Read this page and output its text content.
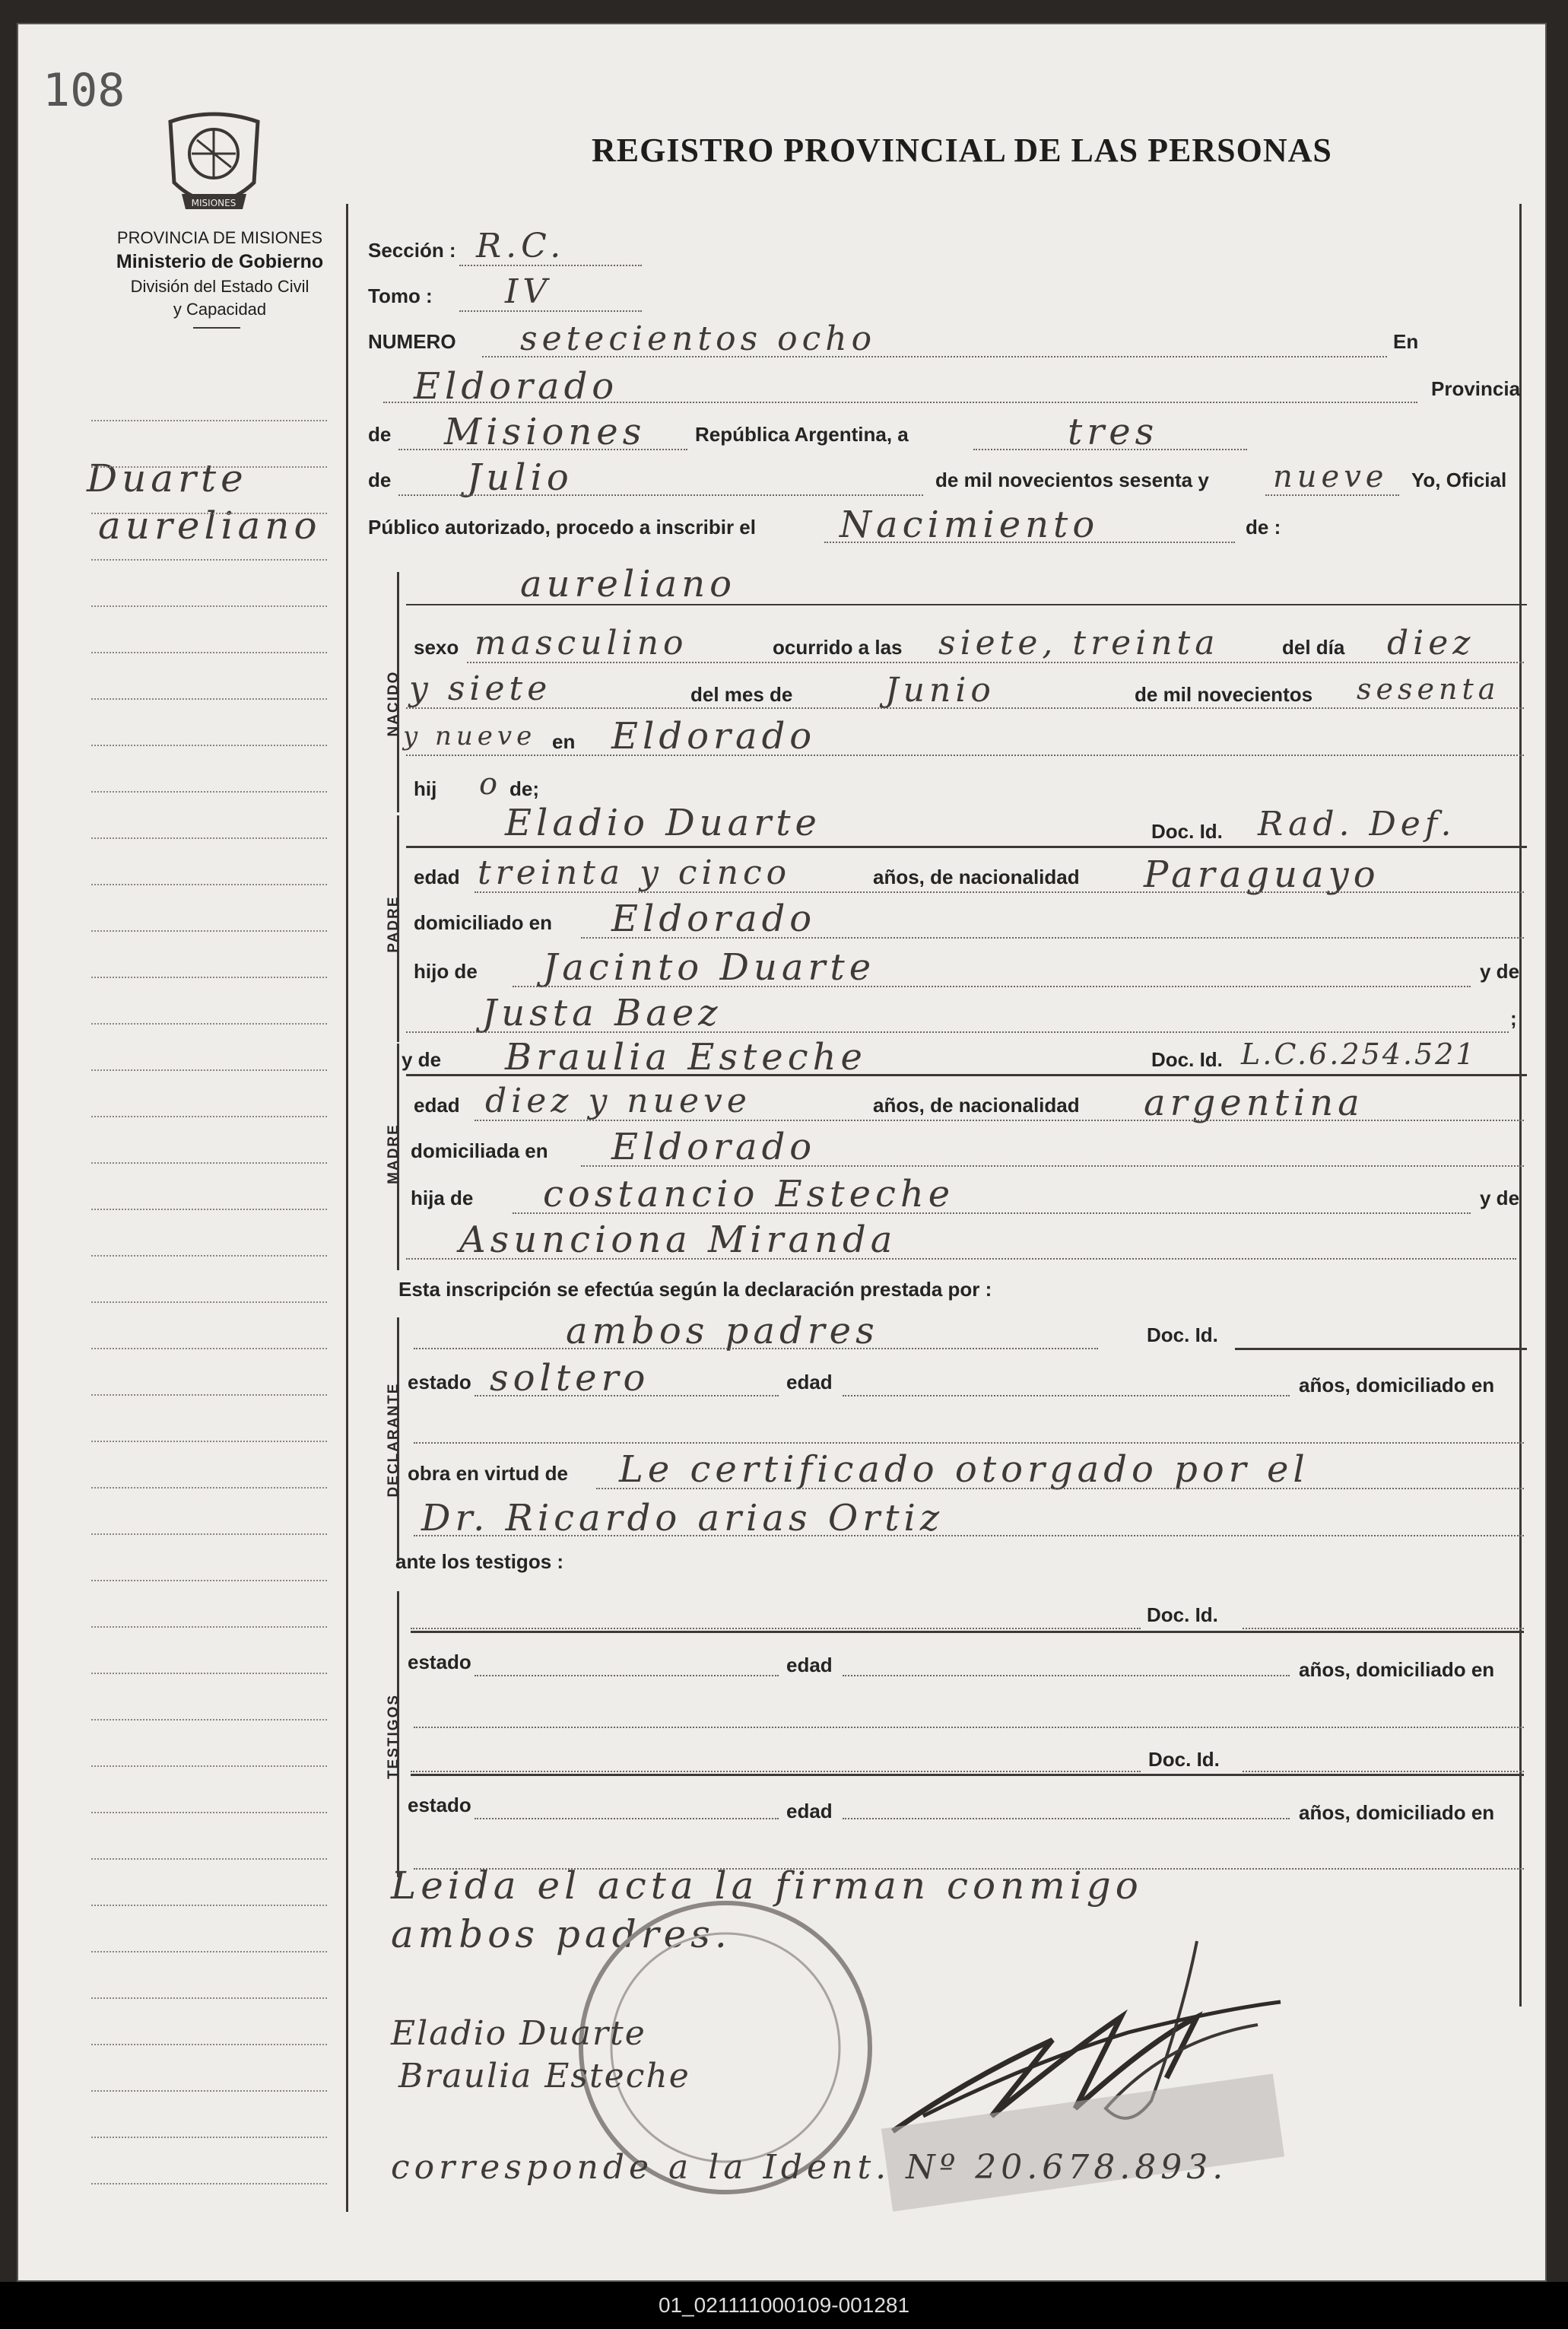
108
MISIONES
PROVINCIA DE MISIONES
Ministerio de Gobierno
División del Estado Civil
y Capacidad
REGISTRO PROVINCIAL DE LAS PERSONAS
Duarte
aureliano
Sección : R.C.
Tomo : IV
NUMERO setecientos ocho	En
Eldorado	Provincia
de Misiones República Argentina, a	tres
de Julio	de mil novecientos sesenta y nueve Yo, Oficial
Público autorizado, procedo a inscribir el Nacimiento	de :
NACIDO
aureliano
sexo masculino	ocurrido a las siete, treinta	del día diez
y siete	del mes de	Junio	de mil novecientos sesenta
y nueve en Eldorado
hij o de;
PADRE
Eladio Duarte	Doc. Id. Rad. Def.
edad treinta y cinco	años, de nacionalidad Paraguayo
domiciliado en Eldorado
hijo de Jacinto Duarte	y de
Justa Baez	;
MADRE
y de Braulia Esteche	Doc. Id. L.C.6.254.521
edad diez y nueve	años, de nacionalidad argentina
domiciliada en Eldorado
hija de costancio Esteche	y de
Asunciona Miranda
Esta inscripción se efectúa según la declaración prestada por :
DECLARANTE
ambos padres	Doc. Id.
estado soltero	edad	años, domiciliado en
obra en virtud de Le certificado otorgado por el
Dr. Ricardo arias Ortiz
ante los testigos :
TESTIGOS
Doc. Id.
estado	edad	años, domiciliado en
Doc. Id.
estado	edad	años, domiciliado en
Leida el acta la firman conmigo
ambos padres.
Eladio Duarte
Braulia Esteche
corresponde a la Ident. Nº 20.678.893.
01_021111000109-001281
